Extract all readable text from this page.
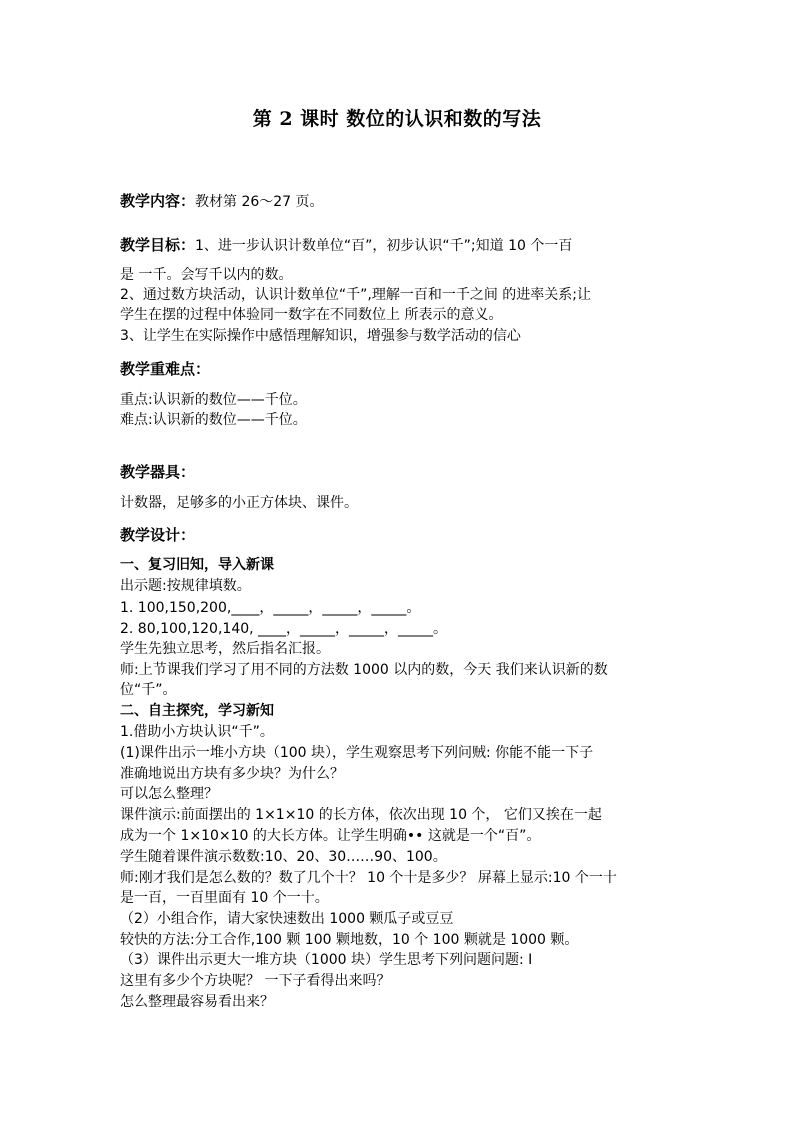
第 2 课时 数位的认识和数的写法
教学内容：教材第 26～27 页。
教学目标：1、进一步认识计数单位“百”，初步认识“千”;知道 10 个一百
是 一千。会写千以内的数。
2、通过数方块活动，认识计数单位“千”,理解一百和一千之间 的进率关系;让
学生在摆的过程中体验同一数字在不同数位上 所表示的意义。
3、让学生在实际操作中感悟理解知识，增强参与数学活动的信心
教学重难点：
重点:认识新的数位——千位。
难点:认识新的数位——千位。
教学器具：
计数器，足够多的小正方体块、课件。
教学设计：
一、复习旧知，导入新课
出示题:按规律填数。
1. 100,150,200,____，_____，_____，_____。
2. 80,100,120,140, ____，_____，_____，_____。
学生先独立思考，然后指名汇报。
师:上节课我们学习了用不同的方法数 1000 以内的数，今天 我们来认识新的数
位“千”。
二、自主探究，学习新知
1.借助小方块认识“千”。
(1)课件出示一堆小方块（100 块），学生观察思考下列问贼: 你能不能一下子
准确地说出方块有多少块？为什么？
可以怎么整理？
课件演示:前面摆出的 1×1×10 的长方体，依次出现 10 个， 它们又挨在一起
成为一个 1×10×10 的大长方体。让学生明确•• 这就是一个“百”。
学生随着课件演示数数:10、20、30……90、100。
师:刚才我们是怎么数的？数了几个十？ 10 个十是多少？ 屏幕上显示:10 个一十
是一百，一百里面有 10 个一十。
（2）小组合作，请大家快速数出 1000 颗瓜子或豆豆
较快的方法:分工合作,100 颗 100 颗地数，10 个 100 颗就是 1000 颗。
（3）课件出示更大一堆方块（1000 块）学生思考下列问题问题: I
这里有多少个方块呢？ 一下子看得出来吗？
怎么整理最容易看出来？
